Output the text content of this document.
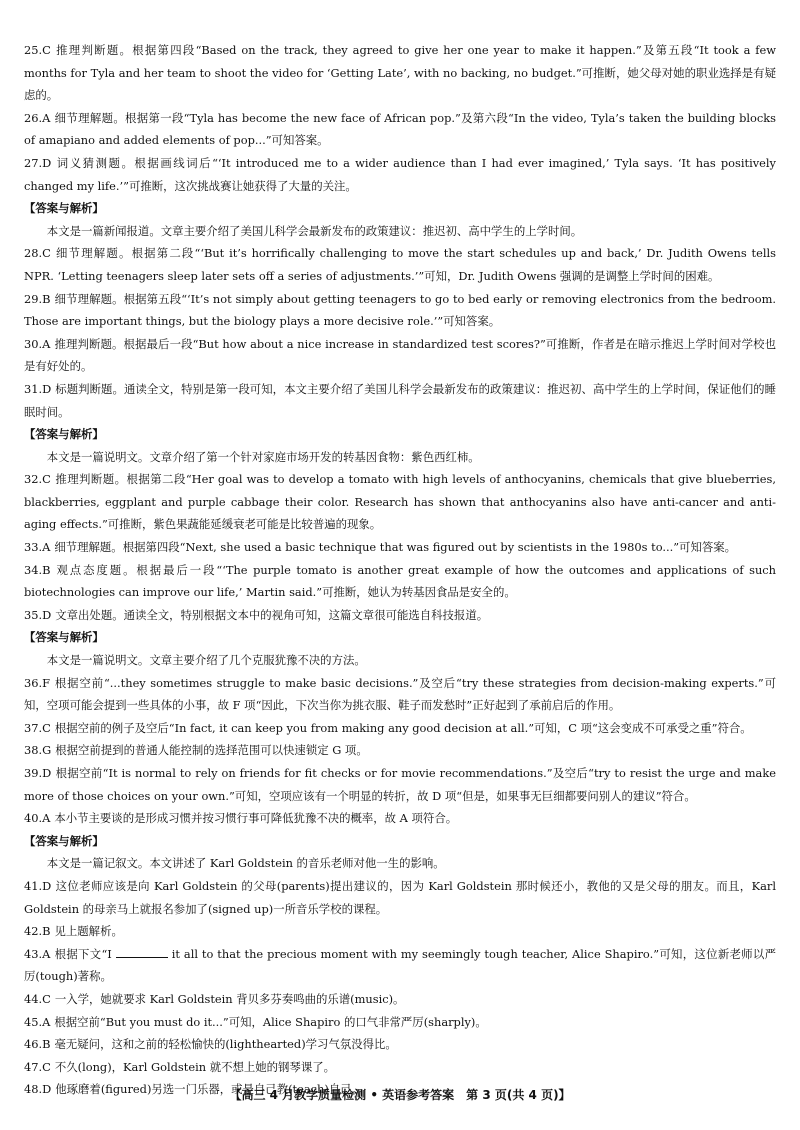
25.C 推理判断题。根据第四段“Based on the track, they agreed to give her one year to make it happen.”及第五段“It took a few months for Tyla and her team to shoot the video for ‘Getting Late’, with no backing, no budget.”可推断，她父母对她的职业选择是有疑虑的。

26.A 细节理解题。根据第一段“Tyla has become the new face of African pop.”及第六段“In the video, Tyla’s taken the building blocks of amapiano and added elements of pop...”可知答案。

27.D 词义猜测题。根据画线词后“‘It introduced me to a wider audience than I had ever imagined,’ Tyla says. ‘It has positively changed my life.’”可推断，这次挑战赛让她获得了大量的关注。

【答案与解析】

本文是一篇新闻报道。文章主要介绍了美国儿科学会最新发布的政策建议：推迟初、高中学生的上学时间。

28.C 细节理解题。根据第二段“‘But it’s horrifically challenging to move the start schedules up and back,’ Dr. Judith Owens tells NPR. ‘Letting teenagers sleep later sets off a series of adjustments.’”可知，Dr. Judith Owens 强调的是调整上学时间的困难。

29.B 细节理解题。根据第五段“‘It’s not simply about getting teenagers to go to bed early or removing electronics from the bedroom. Those are important things, but the biology plays a more decisive role.’”可知答案。

30.A 推理判断题。根据最后一段“But how about a nice increase in standardized test scores?”可推断，作者是在暗示推迟上学时间对学校也是有好处的。

31.D 标题判断题。通读全文，特别是第一段可知，本文主要介绍了美国儿科学会最新发布的政策建议：推迟初、高中学生的上学时间，保证他们的睡眠时间。

【答案与解析】

本文是一篇说明文。文章介绍了第一个针对家庭市场开发的转基因食物：紫色西红柿。

32.C 推理判断题。根据第二段“Her goal was to develop a tomato with high levels of anthocyanins, chemicals that give blueberries, blackberries, eggplant and purple cabbage their color. Research has shown that anthocyanins also have anti-cancer and anti-aging effects.”可推断，紫色果蔬能延缓衰老可能是比较普遍的现象。

33.A 细节理解题。根据第四段“Next, she used a basic technique that was figured out by scientists in the 1980s to...”可知答案。

34.B 观点态度题。根据最后一段“‘The purple tomato is another great example of how the outcomes and applications of such biotechnologies can improve our life,’ Martin said.”可推断，她认为转基因食品是安全的。

35.D 文章出处题。通读全文，特别根据文本中的视角可知，这篇文章很可能选自科技报道。

【答案与解析】

本文是一篇说明文。文章主要介绍了几个克服犹豫不决的方法。

36.F 根据空前“...they sometimes struggle to make basic decisions.”及空后“try these strategies from decision-making experts.”可知，空项可能会提到一些具体的小事，故 F 项“因此，下次当你为挑衣服、鞋子而发愁时”正好起到了承前启后的作用。

37.C 根据空前的例子及空后“In fact, it can keep you from making any good decision at all.”可知，C 项“这会变成不可承受之重”符合。

38.G 根据空前提到的普通人能控制的选择范围可以快速锁定 G 项。

39.D 根据空前“It is normal to rely on friends for fit checks or for movie recommendations.”及空后“try to resist the urge and make more of those choices on your own.”可知，空项应该有一个明显的转折，故 D 项“但是，如果事无巨细都要问别人的建议”符合。

40.A 本小节主要谈的是形成习惯并按习惯行事可降低犹豫不决的概率，故 A 项符合。

【答案与解析】

本文是一篇记叙文。本文讲述了 Karl Goldstein 的音乐老师对他一生的影响。

41.D 这位老师应该是向 Karl Goldstein 的父母(parents)提出建议的，因为 Karl Goldstein 那时候还小，教他的又是父母的朋友。而且，Karl Goldstein 的母亲马上就报名参加了(signed up)一所音乐学校的课程。

42.B 见上题解析。

43.A 根据下文“I	it all to that the precious moment with my seemingly tough teacher, Alice Shapiro.”可知，这位新老师以严厉(tough)著称。

44.C 一入学，她就要求 Karl Goldstein 背贝多芬奏鸣曲的乐谱(music)。

45.A 根据空前“But you must do it...”可知，Alice Shapiro 的口气非常严厉(sharply)。

46.B 毫无疑问，这和之前的轻松愉快的(lighthearted)学习气氛没得比。

47.C 不久(long)，Karl Goldstein 就不想上她的钢琴课了。

48.D 他琢磨着(figured)另选一门乐器，或是自己教(teach)自己。

【高三 4 月教学质量检测 • 英语参考答案　第 3 页(共 4 页)】
